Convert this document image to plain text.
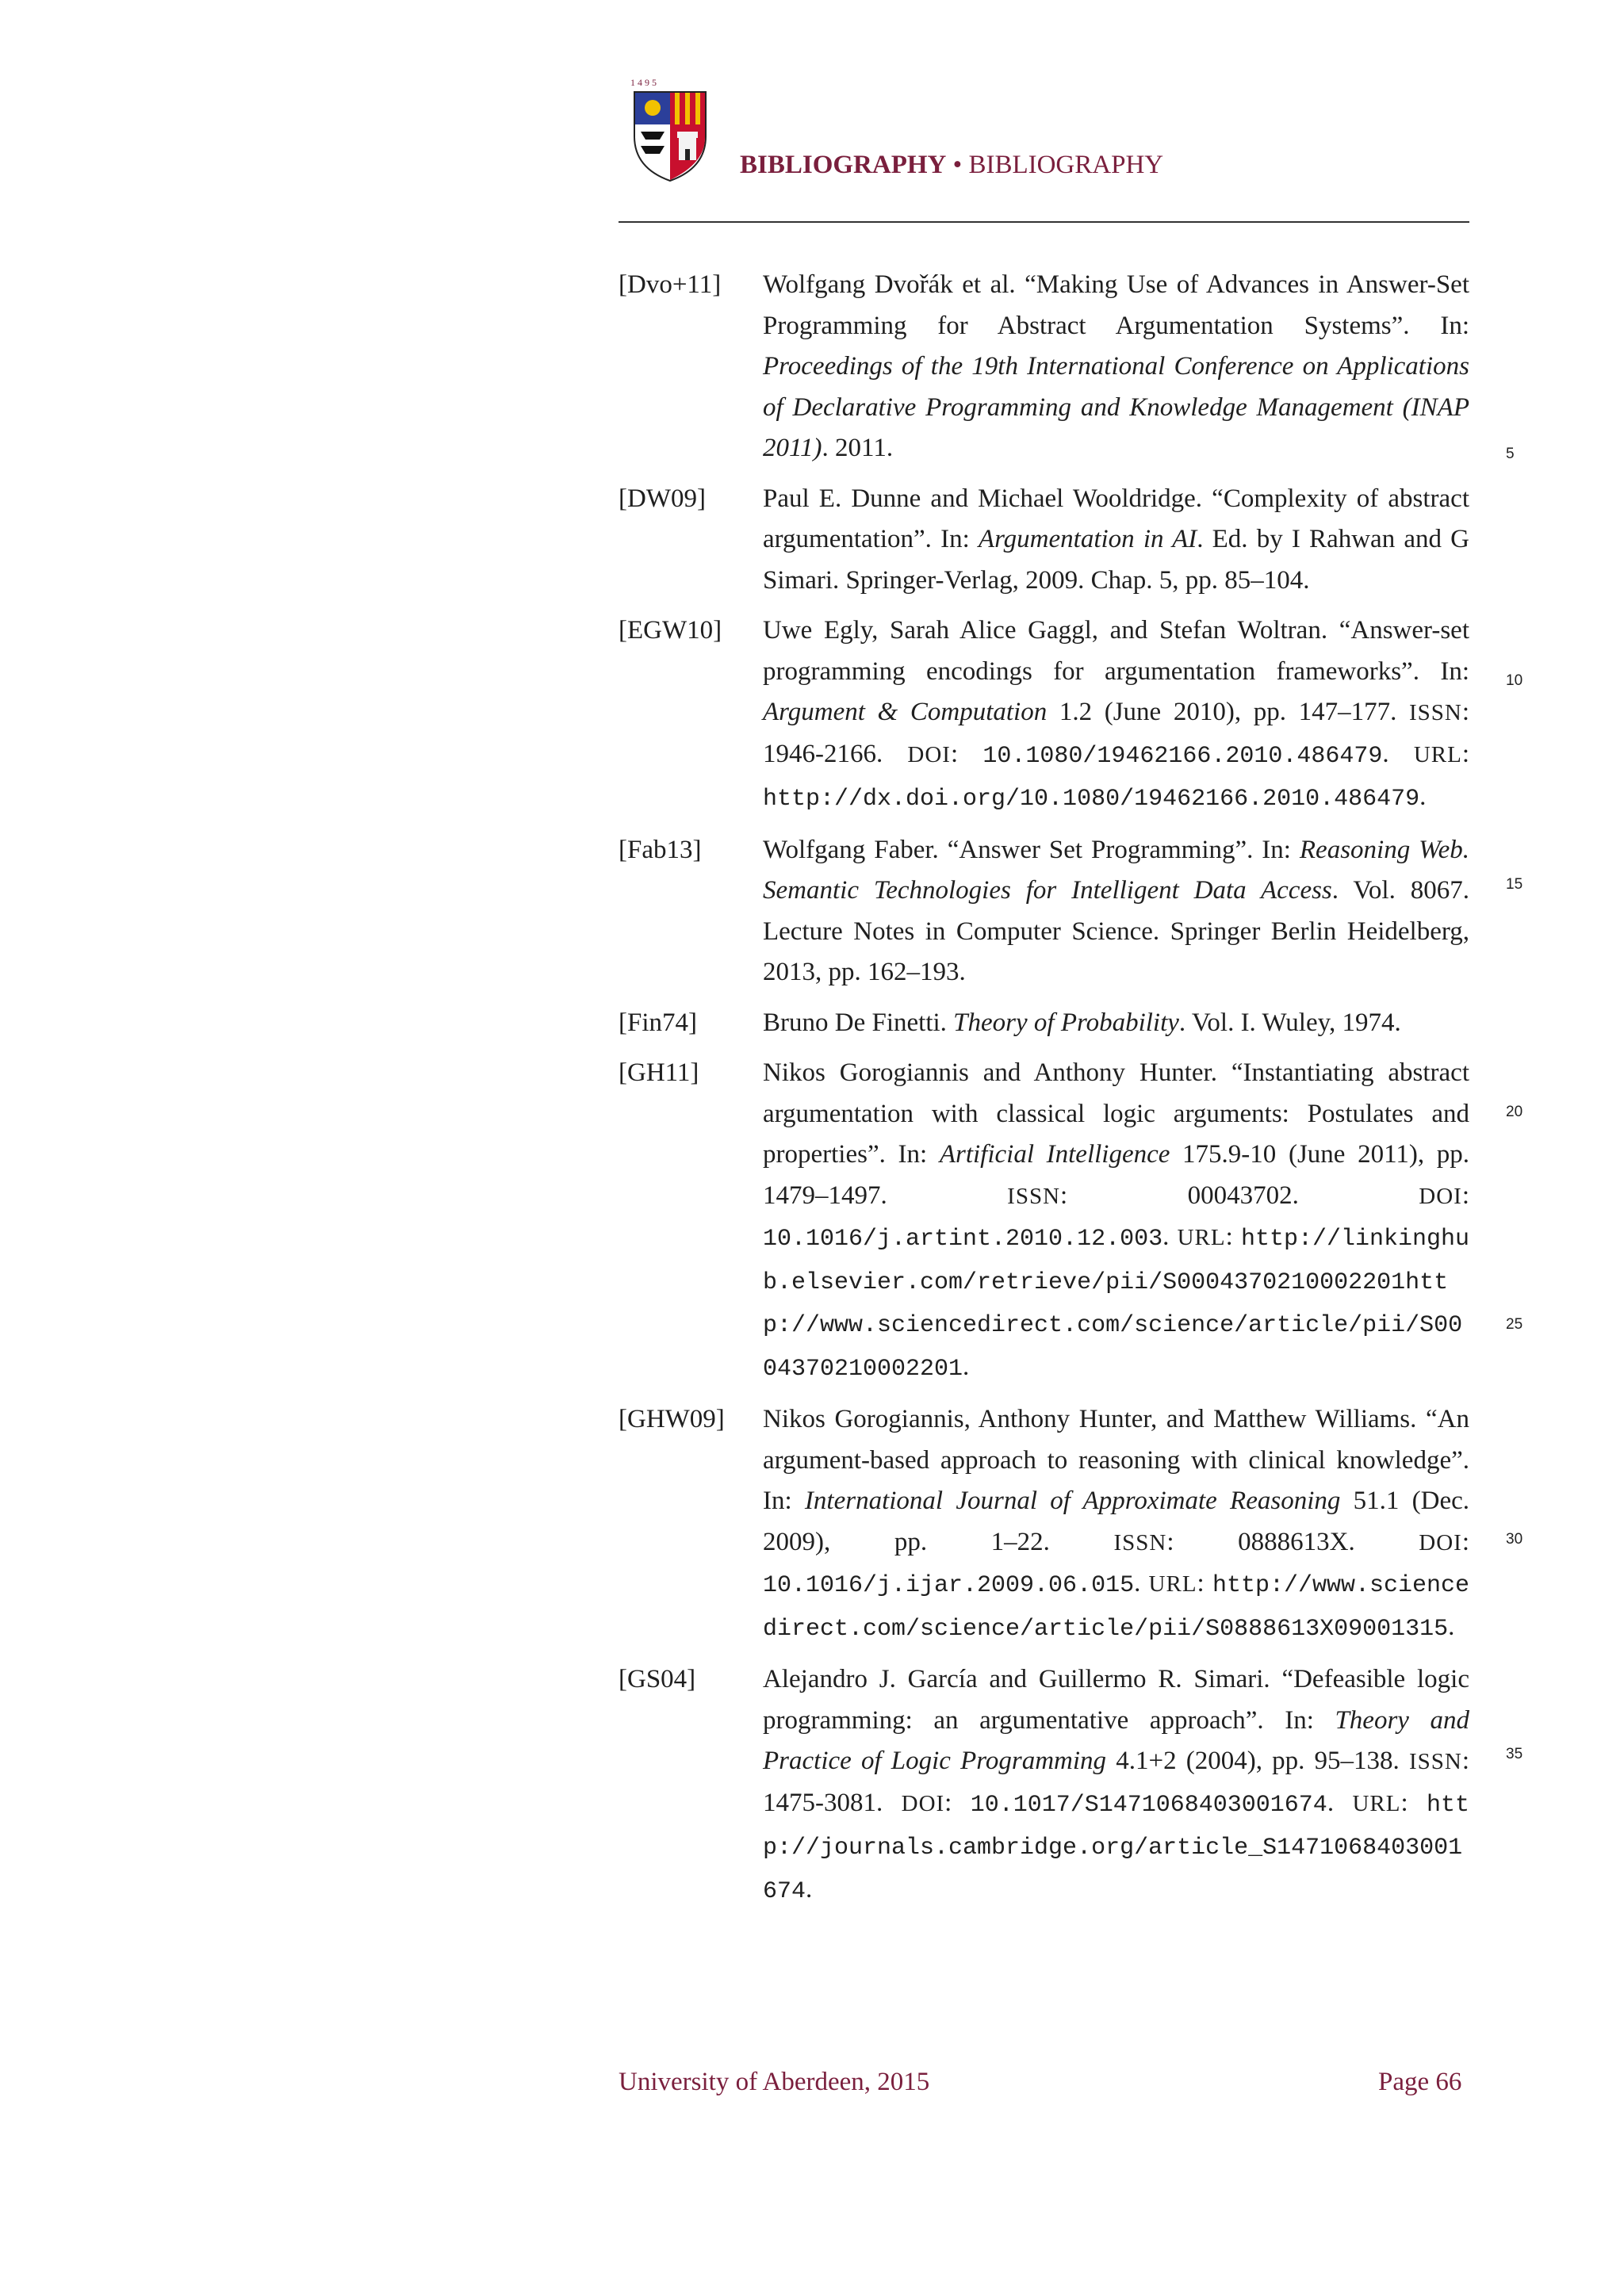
1 4 9 5
BIBLIOGRAPHY • BIBLIOGRAPHY
[Dvo+11] Wolfgang Dvořák et al. “Making Use of Advances in Answer-Set Programming for Abstract Argumentation Systems”. In: Proceedings of the 19th International Conference on Applications of Declarative Programming and Knowledge Management (INAP 2011). 2011.
[DW09] Paul E. Dunne and Michael Wooldridge. “Complexity of abstract argumentation”. In: Argumentation in AI. Ed. by I Rahwan and G Simari. Springer-Verlag, 2009. Chap. 5, pp. 85–104.
[EGW10] Uwe Egly, Sarah Alice Gaggl, and Stefan Woltran. “Answer-set programming encodings for argumentation frameworks”. In: Argument & Computation 1.2 (June 2010), pp. 147–177. ISSN: 1946-2166. DOI: 10.1080/19462166.2010.486479. URL: http://dx.doi.org/10.1080/19462166.2010.486479.
[Fab13] Wolfgang Faber. “Answer Set Programming”. In: Reasoning Web. Semantic Technologies for Intelligent Data Access. Vol. 8067. Lecture Notes in Computer Science. Springer Berlin Heidelberg, 2013, pp. 162–193.
[Fin74]	Bruno De Finetti. Theory of Probability. Vol. I. Wuley, 1974.
[GH11] Nikos Gorogiannis and Anthony Hunter. “Instantiating abstract argumentation with classical logic arguments: Postulates and properties”. In: Artificial Intelligence 175.9-10 (June 2011), pp. 1479–1497. ISSN: 00043702. DOI: 10.1016/j.artint.2010.12.003. URL: http://linkinghub.elsevier.com/retrieve/pii/S0004370210002201http://www.sciencedirect.com/science/article/pii/S0004370210002201.
[GHW09] Nikos Gorogiannis, Anthony Hunter, and Matthew Williams. “An argument-based approach to reasoning with clinical knowledge”. In: International Journal of Approximate Reasoning 51.1 (Dec. 2009), pp. 1–22. ISSN: 0888613X. DOI: 10.1016/j.ijar.2009.06.015. URL: http://www.sciencedirect.com/science/article/pii/S0888613X09001315.
[GS04]	Alejandro J. García and Guillermo R. Simari. “Defeasible logic programming: an argumentative approach”. In: Theory and Practice of Logic Programming 4.1+2 (2004), pp. 95–138. ISSN: 1475-3081. DOI: 10.1017/S1471068403001674. URL: http://journals.cambridge.org/article_S1471068403001674.
5
10
15
20
25
30
35
University of Aberdeen, 2015	Page 66
